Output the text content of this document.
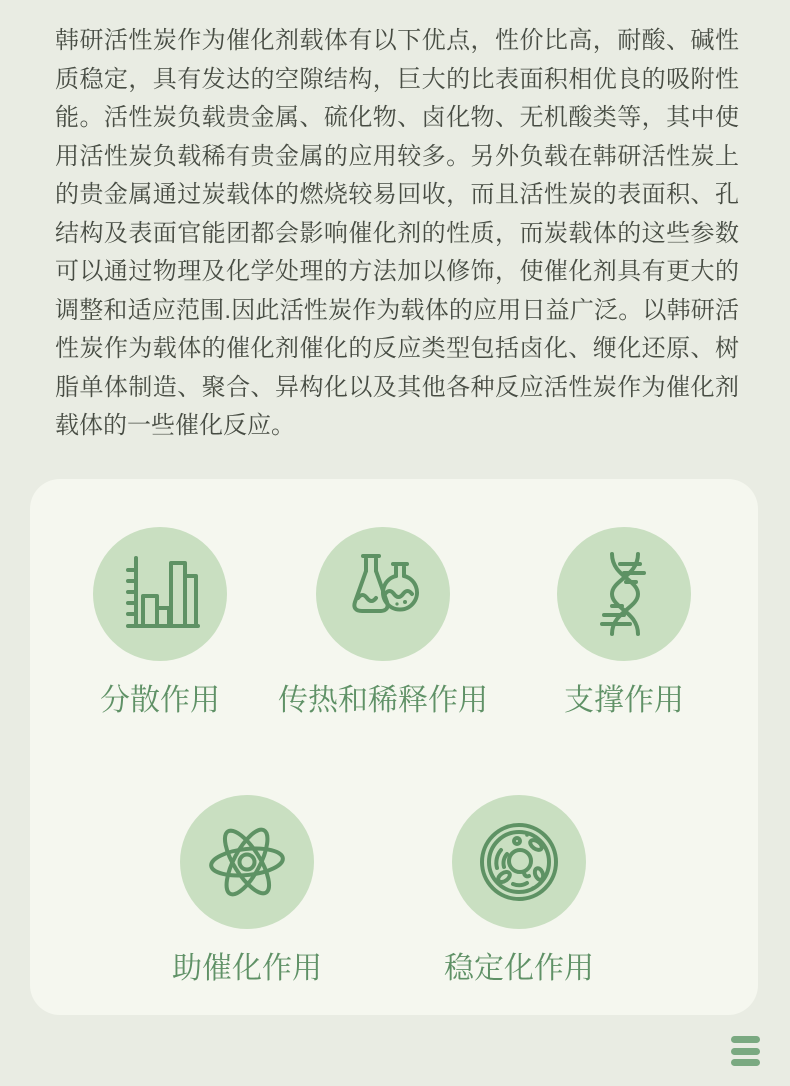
韩研活性炭作为催化剂载体有以下优点，性价比高，耐酸、碱性质稳定，具有发达的空隙结构，巨大的比表面积相优良的吸附性能。活性炭负载贵金属、硫化物、卤化物、无机酸类等，其中使用活性炭负载稀有贵金属的应用较多。另外负载在韩研活性炭上的贵金属通过炭载体的燃烧较易回收，而且活性炭的表面积、孔结构及表面官能团都会影响催化剂的性质，而炭载体的这些参数可以通过物理及化学处理的方法加以修饰，使催化剂具有更大的调整和适应范围.因此活性炭作为载体的应用日益广泛。以韩研活性炭作为载体的催化剂催化的反应类型包括卤化、缏化还原、树脂单体制造、聚合、异构化以及其他各种反应活性炭作为催化剂载体的一些催化反应。

分散作用	传热和稀释作用	支撑作用
助催化作用	稳定化作用
